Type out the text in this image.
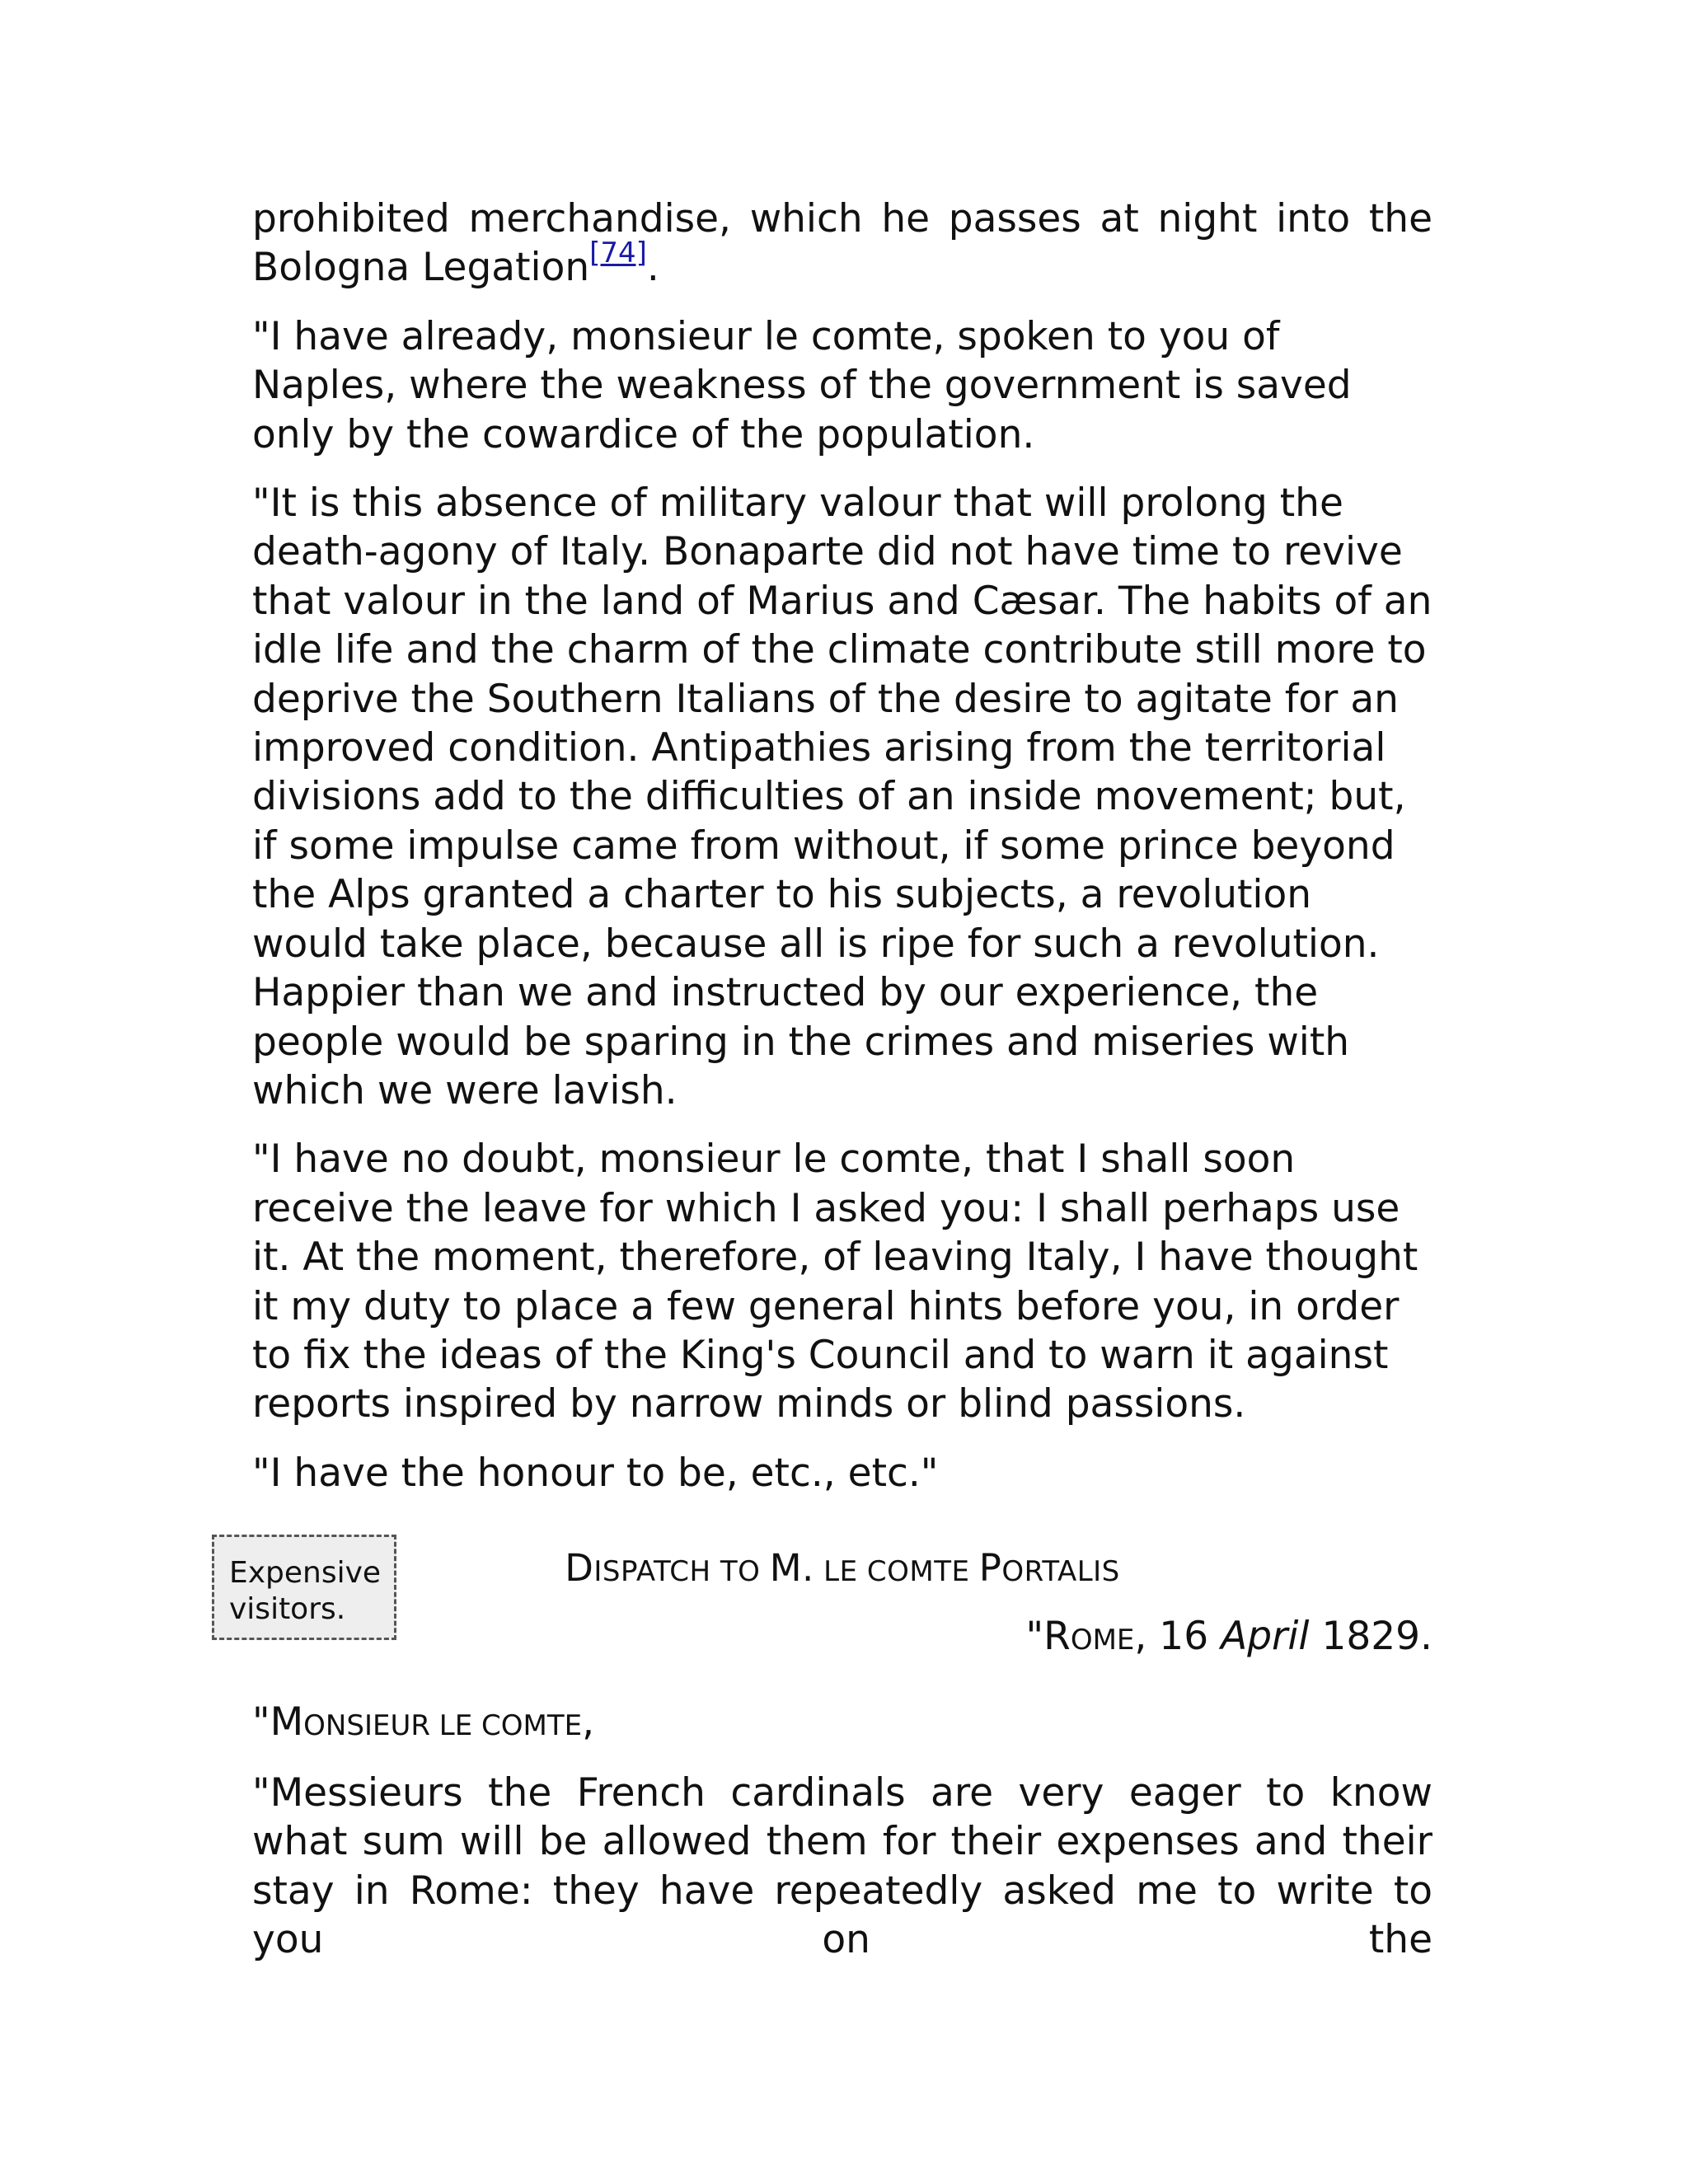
prohibited merchandise, which he passes at night into the Bologna Legation[74].

"I have already, monsieur le comte, spoken to you of Naples, where the weakness of the government is saved only by the cowardice of the population.

"It is this absence of military valour that will prolong the death-agony of Italy. Bonaparte did not have time to revive that valour in the land of Marius and Cæsar. The habits of an idle life and the charm of the climate contribute still more to deprive the Southern Italians of the desire to agitate for an improved condition. Antipathies arising from the territorial divisions add to the difficulties of an inside movement; but, if some impulse came from without, if some prince beyond the Alps granted a charter to his subjects, a revolution would take place, because all is ripe for such a revolution. Happier than we and instructed by our experience, the people would be sparing in the crimes and miseries with which we were lavish.

"I have no doubt, monsieur le comte, that I shall soon receive the leave for which I asked you: I shall perhaps use it. At the moment, therefore, of leaving Italy, I have thought it my duty to place a few general hints before you, in order to fix the ideas of the King's Council and to warn it against reports inspired by narrow minds or blind passions.

"I have the honour to be, etc., etc."

Expensive visitors.
DISPATCH TO M. LE COMTE PORTALIS
"ROME, 16 April 1829.
"MONSIEUR LE COMTE,

"Messieurs the French cardinals are very eager to know what sum will be allowed them for their expenses and their stay in Rome: they have repeatedly asked me to write to you on the
